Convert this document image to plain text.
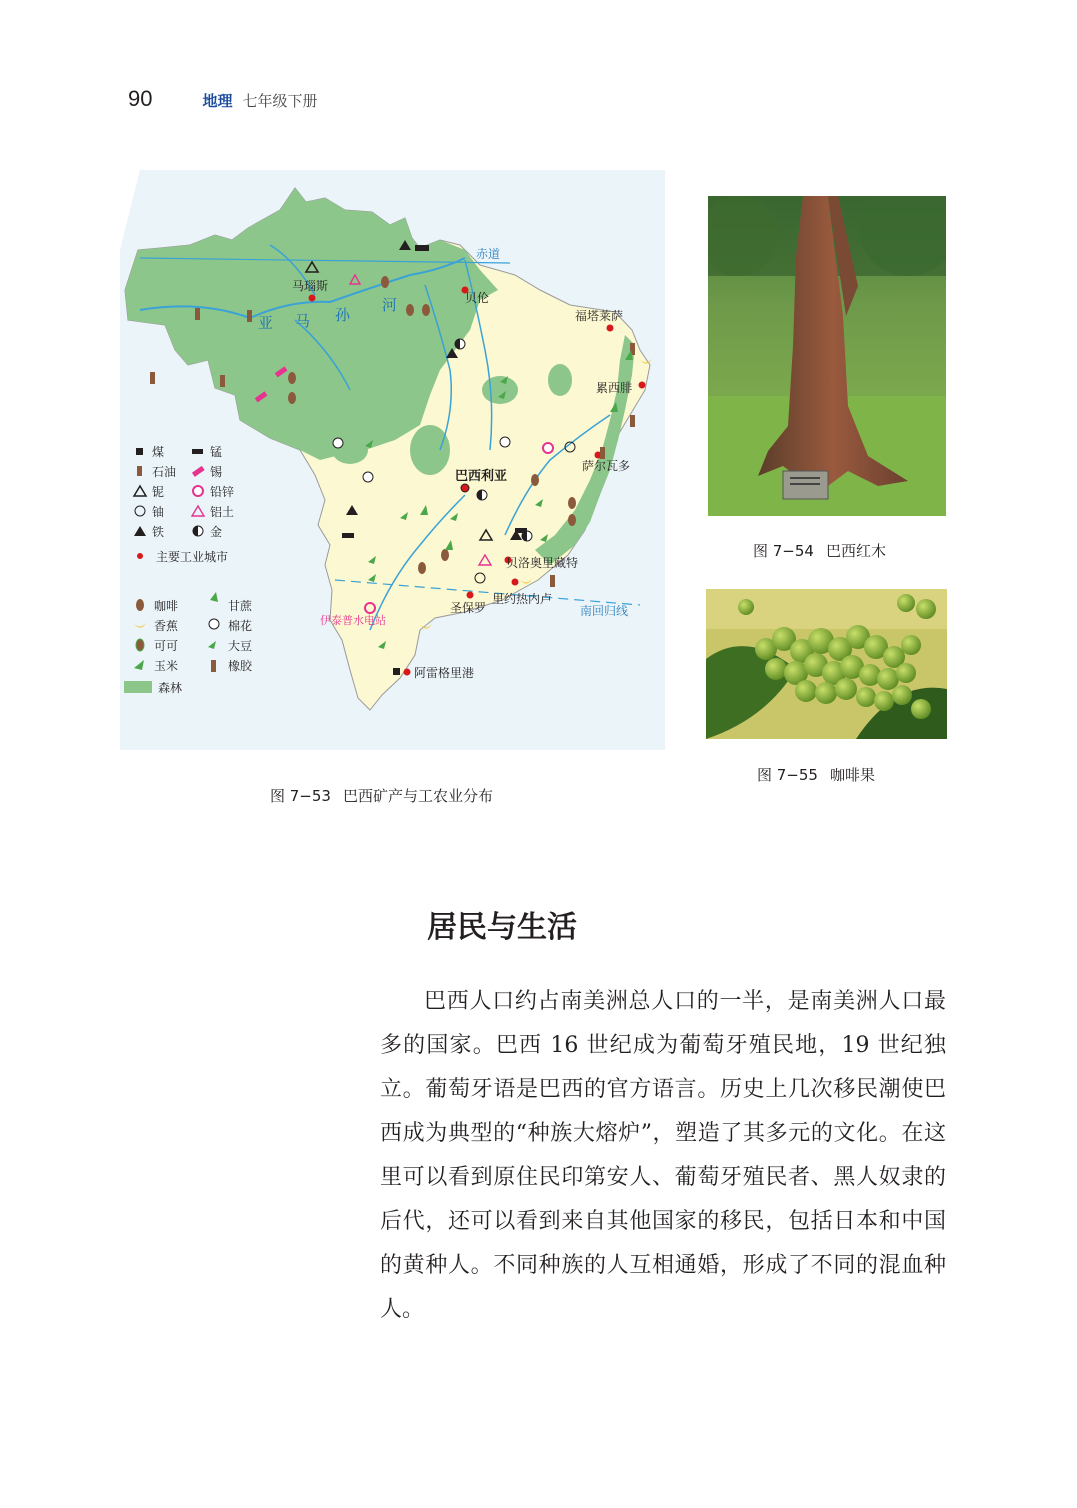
90	地理 七年级下册
赤道
南回归线
亚 马 孙
河
马瑙斯
贝伦
福塔莱萨
累西腓
萨尔瓦多
巴西利亚
贝洛奥里藏特
里约热内卢
圣保罗
伊泰普水电站
阿雷格里港
煤	锰
石油	锡
铌	铅锌
铀	铝土
铁	金
主要工业城市
咖啡	甘蔗
香蕉	棉花
可可	大豆
玉米	橡胶
森林
图 7−54 巴西红木
图 7−55 咖啡果
图 7−53 巴西矿产与工农业分布
居民与生活

巴西人口约占南美洲总人口的一半，是南美洲人口最多的国家。巴西 16 世纪成为葡萄牙殖民地，19 世纪独立。葡萄牙语是巴西的官方语言。历史上几次移民潮使巴西成为典型的“种族大熔炉”，塑造了其多元的文化。在这里可以看到原住民印第安人、葡萄牙殖民者、黑人奴隶的后代，还可以看到来自其他国家的移民，包括日本和中国的黄种人。不同种族的人互相通婚，形成了不同的混血种人。
